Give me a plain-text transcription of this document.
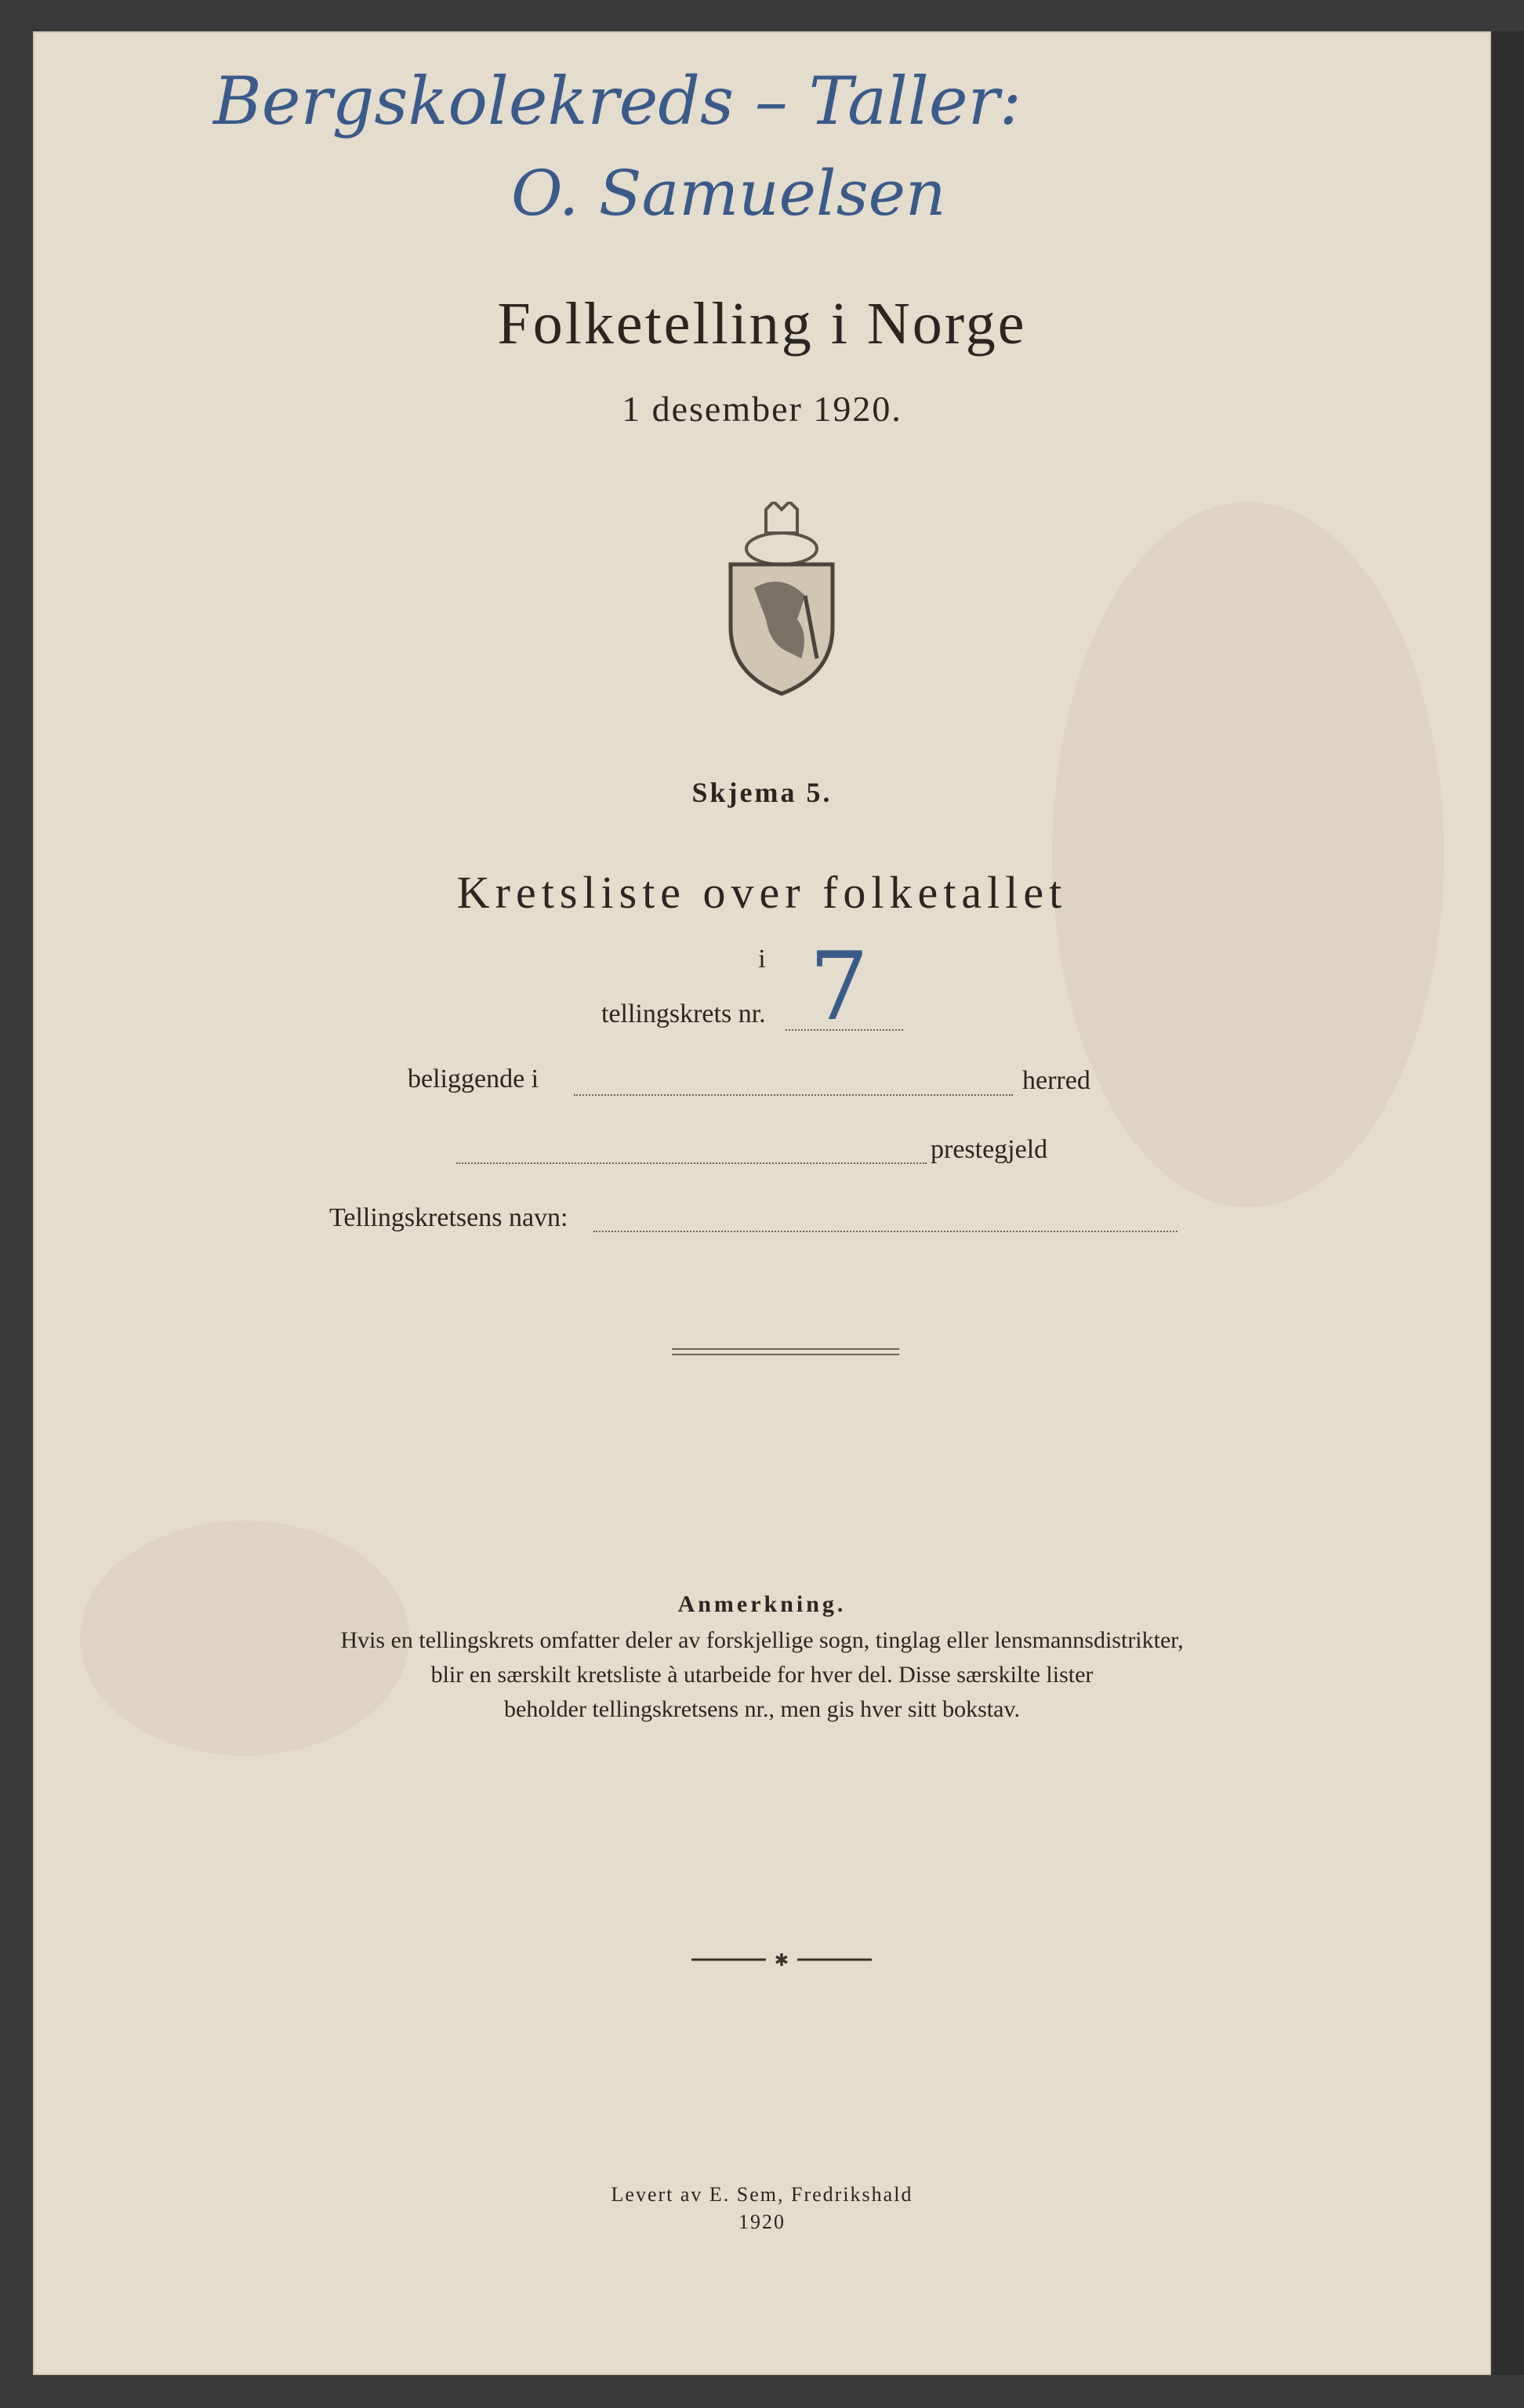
Bergskolekreds – Taller:
O. Samuelsen
Folketelling i Norge
1 desember 1920.
Skjema 5.
Kretsliste over folketallet
i
tellingskrets nr. 7
beliggende i	herred
prestegjeld
Tellingskretsens navn:
Anmerkning.
Hvis en tellingskrets omfatter deler av forskjellige sogn, tinglag eller lensmannsdistrikter,
blir en særskilt kretsliste à utarbeide for hver del. Disse særskilte lister
beholder tellingskretsens nr., men gis hver sitt bokstav.
✱
Levert av E. Sem, Fredrikshald
1920
